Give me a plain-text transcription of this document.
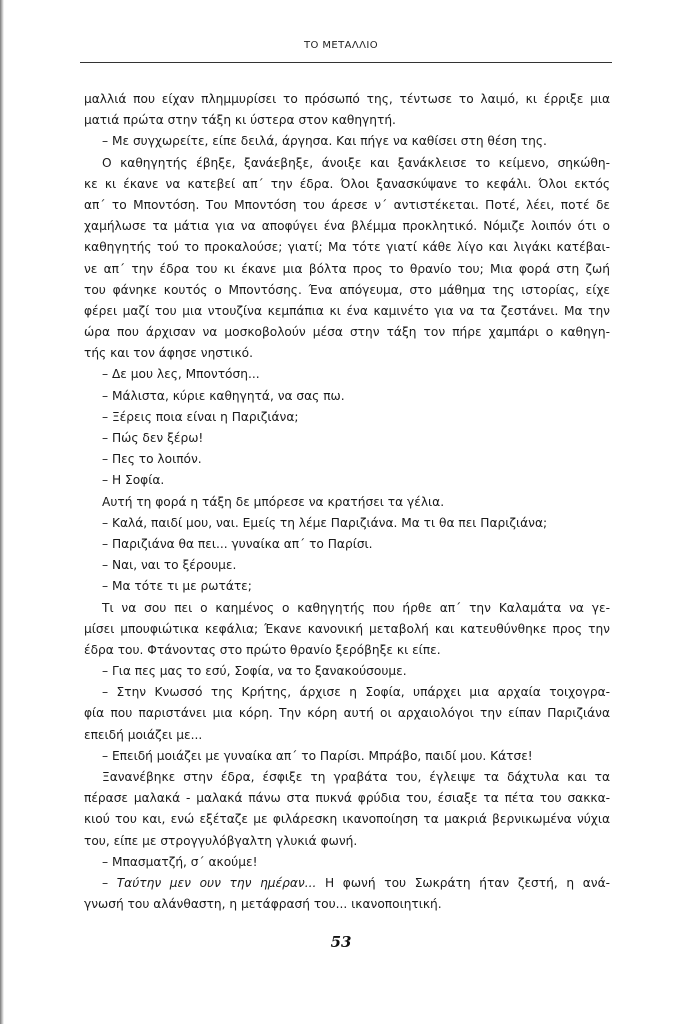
ΤΟ ΜΕΤΑΛΛΙΟ
μαλλιά που είχαν πλημμυρίσει το πρόσωπό της, τέντωσε το λαιμό, κι έρριξε μια
ματιά πρώτα στην τάξη κι ύστερα στον καθηγητή.
– Με συγχωρείτε, είπε δειλά, άργησα. Και πήγε να καθίσει στη θέση της.
Ο καθηγητής έβηξε, ξανάεβηξε, άνοιξε και ξανάκλεισε το κείμενο, σηκώθη-
κε κι έκανε να κατεβεί απ΄ την έδρα. Όλοι ξανασκύψανε το κεφάλι. Όλοι εκτός
απ΄ το Μποντόση. Του Μποντόση του άρεσε ν΄ αντιστέκεται. Ποτέ, λέει, ποτέ δε
χαμήλωσε τα μάτια για να αποφύγει ένα βλέμμα προκλητικό. Νόμιζε λοιπόν ότι ο
καθηγητής τού το προκαλούσε; γιατί; Μα τότε γιατί κάθε λίγο και λιγάκι κατέβαι-
νε απ΄ την έδρα του κι έκανε μια βόλτα προς το θρανίο του; Μια φορά στη ζωή
του φάνηκε κουτός ο Μποντόσης. Ένα απόγευμα, στο μάθημα της ιστορίας, είχε
φέρει μαζί του μια ντουζίνα κεμπάπια κι ένα καμινέτο για να τα ζεστάνει. Μα την
ώρα που άρχισαν να μοσκοβολούν μέσα στην τάξη τον πήρε χαμπάρι ο καθηγη-
τής και τον άφησε νηστικό.
– Δε μου λες, Μποντόση...
– Μάλιστα, κύριε καθηγητά, να σας πω.
– Ξέρεις ποια είναι η Παριζιάνα;
– Πώς δεν ξέρω!
– Πες το λοιπόν.
– Η Σοφία.
Αυτή τη φορά η τάξη δε μπόρεσε να κρατήσει τα γέλια.
– Καλά, παιδί μου, ναι. Εμείς τη λέμε Παριζιάνα. Μα τι θα πει Παριζιάνα;
– Παριζιάνα θα πει... γυναίκα απ΄ το Παρίσι.
– Ναι, ναι το ξέρουμε.
– Μα τότε τι με ρωτάτε;
Τι να σου πει ο καημένος ο καθηγητής που ήρθε απ΄ την Καλαμάτα να γε-
μίσει μπουφιώτικα κεφάλια; Έκανε κανονική μεταβολή και κατευθύνθηκε προς την
έδρα του. Φτάνοντας στο πρώτο θρανίο ξερόβηξε κι είπε.
– Για πες μας το εσύ, Σοφία, να το ξανακούσουμε.
– Στην Κνωσσό της Κρήτης, άρχισε η Σοφία, υπάρχει μια αρχαία τοιχογρα-
φία που παριστάνει μια κόρη. Την κόρη αυτή οι αρχαιολόγοι την είπαν Παριζιάνα
επειδή μοιάζει με...
– Επειδή μοιάζει με γυναίκα απ΄ το Παρίσι. Μπράβο, παιδί μου. Κάτσε!
Ξανανέβηκε στην έδρα, έσφιξε τη γραβάτα του, έγλειψε τα δάχτυλα και τα
πέρασε μαλακά - μαλακά πάνω στα πυκνά φρύδια του, έσιαξε τα πέτα του σακκα-
κιού του και, ενώ εξέταζε με φιλάρεσκη ικανοποίηση τα μακριά βερνικωμένα νύχια
του, είπε με στρογγυλόβγαλτη γλυκιά φωνή.
– Μπασματζή, σ΄ ακούμε!
– Ταύτην μεν ουν την ημέραν... Η φωνή του Σωκράτη ήταν ζεστή, η ανά-
γνωσή του αλάνθαστη, η μετάφρασή του... ικανοποιητική.
53
